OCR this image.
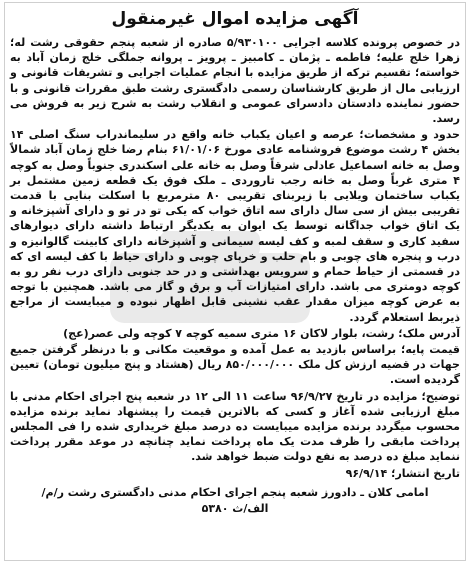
آگهی مزایده اموال غیرمنقول

در خصوص پرونده کلاسه اجرایی ۵/۹۳۰۱۰۰ صادره از شعبه پنجم حقوقی رشت له؛ زهرا خلج علیه؛ فاطمه ـ پژمان ـ کامبیز ـ پرویز ـ پروانه جملگی خلج زمان آباد به خواسته؛ تقسیم ترکه از طریق مزایده با انجام عملیات اجرایی و تشریفات قانونی و ارزیابی مال از طریق کارشناسان رسمی دادگستری رشت طبق مقررات قانونی و با حضور نماینده دادستان دادسرای عمومی و انقلاب رشت به شرح زیر به فروش می رسد.

حدود و مشخصات؛ عرصه و اعیان یکباب خانه واقع در سلیماندراب سنگ اصلی ۱۴ بخش ۴ رشت موضوع فروشنامه عادی مورخ ۶۱/۰۱/۰۶ بنام رضا خلج زمان آباد شمالاً وصل به خانه اسماعیل عادلی شرقاً وصل به خانه علی اسکندری جنوباً وصل به کوچه ۴ متری غرباً وصل به خانه رجب تاروردی ـ ملک فوق یک قطعه زمین مشتمل بر یکباب ساختمان ویلایی با زیربنای تقریبی ۸۰ مترمربع با اسکلت بنایی با قدمت تقریبی بیش از سی سال دارای سه اتاق خواب که یکی تو در تو و دارای آشپزخانه و یک اتاق خواب جداگانه توسط یک ایوان به یکدیگر ارتباط داشته دارای دیوارهای سفید کاری و سقف لمبه و کف لیسه سیمانی و آشپزخانه دارای کابینت گالوانیزه و درب و پنجره های چوبی و بام حلب و خرپای چوبی و دارای حیاط با کف لیسه ای که در قسمتی از حیاط حمام و سرویس بهداشتی و در حد جنوبی دارای درب نفر رو به کوچه دومتری می باشد. دارای امتیازات آب و برق و گاز می باشد. همچنین با توجه به عرض کوچه میزان مقدار عقب نشینی قابل اظهار نبوده و میبایست از مراجع ذیربط استعلام گردد.

آدرس ملک؛ رشت، بلوار لاکان ۱۶ متری سمیه کوچه ۷ کوچه ولی عصر(عج)

قیمت پایه؛ براساس بازدید به عمل آمده و موقعیت مکانی و با درنظر گرفتن جمیع جهات در قضیه ارزش کل ملک ۸۵۰/۰۰۰/۰۰۰ ریال (هشتاد و پنج میلیون تومان) تعیین گردیده است.

توضیح؛ مزایده در تاریخ ۹۶/۹/۲۷ ساعت ۱۱ الی ۱۲ در شعبه پنج اجرای احکام مدنی با مبلغ ارزیابی شده آغاز و کسی که بالاترین قیمت را پیشنهاد نماید برنده مزایده محسوب میگردد برنده مزایده میبایست ده درصد مبلغ خریداری شده را فی المجلس پرداخت مابقی را ظرف مدت یک ماه پرداخت نماید چنانچه در موعد مقرر پرداخت ننماید مبلغ ده درصد به نفع دولت ضبط خواهد شد.

تاریخ انتشار؛ ۹۶/۹/۱۴

امامی کلان ـ دادورز شعبه پنجم اجرای احکام مدنی دادگستری رشت ر/م/
الف/ث ۵۳۸۰
